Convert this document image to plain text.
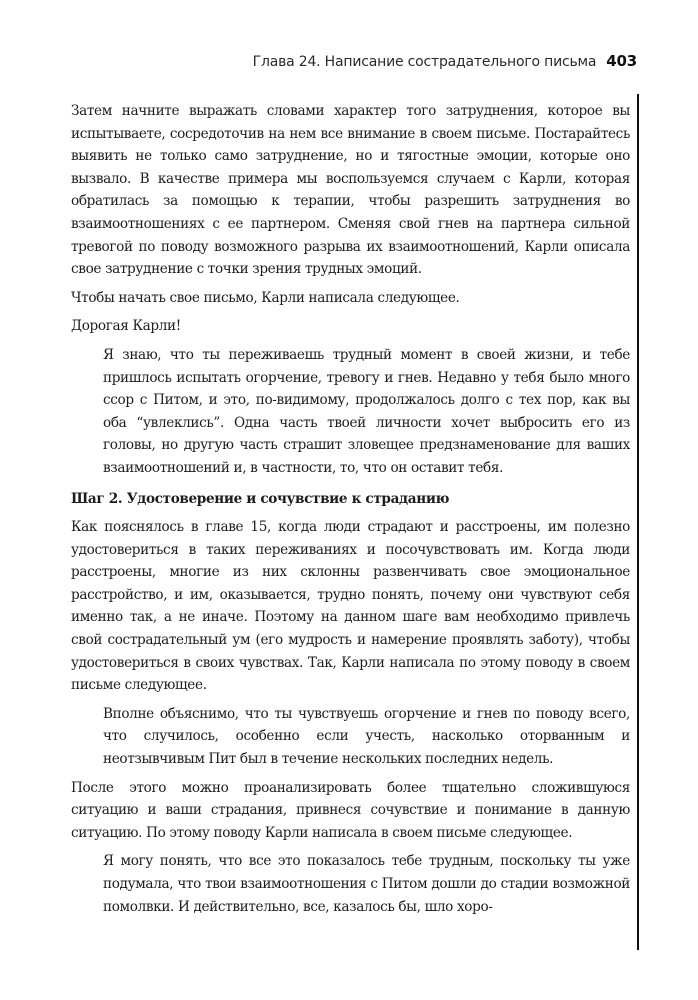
Глава 24. Написание сострадательного письма 403

Затем начните выражать словами характер того затруднения, которое вы испытываете, сосредоточив на нем все внимание в своем письме. Постарайтесь выявить не только само затруднение, но и тягостные эмоции, которые оно вызвало. В качестве примера мы воспользуемся случаем с Карли, которая обратилась за помощью к терапии, чтобы разрешить затруднения во взаимоотношениях с ее партнером. Сменяя свой гнев на партнера сильной тревогой по поводу возможного разрыва их взаимоотношений, Карли описала свое затруднение с точки зрения трудных эмоций.

Чтобы начать свое письмо, Карли написала следующее.

Дорогая Карли!

Я знаю, что ты переживаешь трудный момент в своей жизни, и тебе пришлось испытать огорчение, тревогу и гнев. Недавно у тебя было много ссор с Питом, и это, по-видимому, продолжалось долго с тех пор, как вы оба “увлеклись”. Одна часть твоей личности хочет выбросить его из головы, но другую часть страшит зловещее предзнаменование для ваших взаимоотношений и, в частности, то, что он оставит тебя.

Шаг 2. Удостоверение и сочувствие к страданию

Как пояснялось в главе 15, когда люди страдают и расстроены, им полезно удостовериться в таких переживаниях и посочувствовать им. Когда люди расстроены, многие из них склонны развенчивать свое эмоциональное расстройство, и им, оказывается, трудно понять, почему они чувствуют себя именно так, а не иначе. Поэтому на данном шаге вам необходимо привлечь свой сострадательный ум (его мудрость и намерение проявлять заботу), чтобы удостовериться в своих чувствах. Так, Карли написала по этому поводу в своем письме следующее.

Вполне объяснимо, что ты чувствуешь огорчение и гнев по поводу всего, что случилось, особенно если учесть, насколько оторванным и неотзывчивым Пит был в течение нескольких последних недель.

После этого можно проанализировать более тщательно сложившуюся ситуацию и ваши страдания, привнеся сочувствие и понимание в данную ситуацию. По этому поводу Карли написала в своем письме следующее.

Я могу понять, что все это показалось тебе трудным, поскольку ты уже подумала, что твои взаимоотношения с Питом дошли до стадии возможной помолвки. И действительно, все, казалось бы, шло хоро-
